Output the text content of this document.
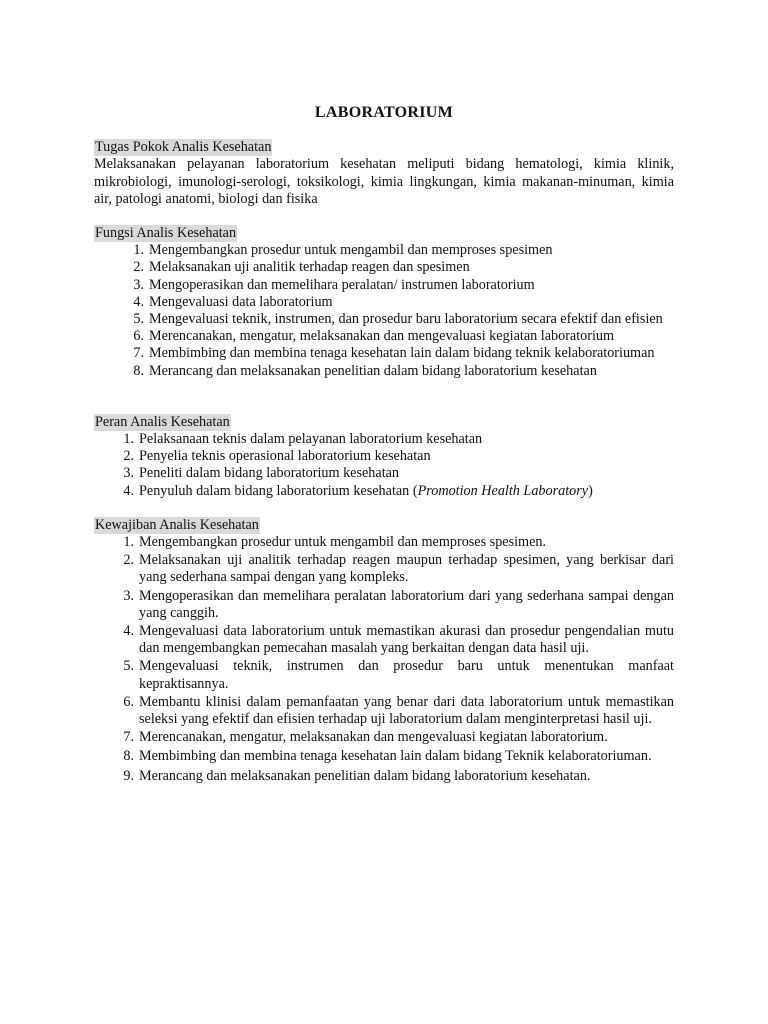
LABORATORIUM
Tugas Pokok Analis Kesehatan

Melaksanakan pelayanan laboratorium kesehatan meliputi bidang hematologi, kimia klinik, mikrobiologi, imunologi-serologi, toksikologi, kimia lingkungan, kimia makanan-minuman, kimia air, patologi anatomi, biologi dan fisika

Fungsi Analis Kesehatan
1. Mengembangkan prosedur untuk mengambil dan memproses spesimen
2. Melaksanakan uji analitik terhadap reagen dan spesimen
3. Mengoperasikan dan memelihara peralatan/ instrumen laboratorium
4. Mengevaluasi data laboratorium
5. Mengevaluasi teknik, instrumen, dan prosedur baru laboratorium secara efektif dan efisien
6. Merencanakan, mengatur, melaksanakan dan mengevaluasi kegiatan laboratorium
7. Membimbing dan membina tenaga kesehatan lain dalam bidang teknik kelaboratoriuman
8. Merancang dan melaksanakan penelitian dalam bidang laboratorium kesehatan
Peran Analis Kesehatan
1. Pelaksanaan teknis dalam pelayanan laboratorium kesehatan
2. Penyelia teknis operasional laboratorium kesehatan
3. Peneliti dalam bidang laboratorium kesehatan
4. Penyuluh dalam bidang laboratorium kesehatan (Promotion Health Laboratory)
Kewajiban Analis Kesehatan
1. Mengembangkan prosedur untuk mengambil dan memproses spesimen.
2. Melaksanakan uji analitik terhadap reagen maupun terhadap spesimen, yang berkisar dari yang sederhana sampai dengan yang kompleks.
3. Mengoperasikan dan memelihara peralatan laboratorium dari yang sederhana sampai dengan yang canggih.
4. Mengevaluasi data laboratorium untuk memastikan akurasi dan prosedur pengendalian mutu dan mengembangkan pemecahan masalah yang berkaitan dengan data hasil uji.
5. Mengevaluasi teknik, instrumen dan prosedur baru untuk menentukan manfaat kepraktisannya.
6. Membantu klinisi dalam pemanfaatan yang benar dari data laboratorium untuk memastikan seleksi yang efektif dan efisien terhadap uji laboratorium dalam menginterpretasi hasil uji.
7. Merencanakan, mengatur, melaksanakan dan mengevaluasi kegiatan laboratorium.
8. Membimbing dan membina tenaga kesehatan lain dalam bidang Teknik kelaboratoriuman.
9. Merancang dan melaksanakan penelitian dalam bidang laboratorium kesehatan.
